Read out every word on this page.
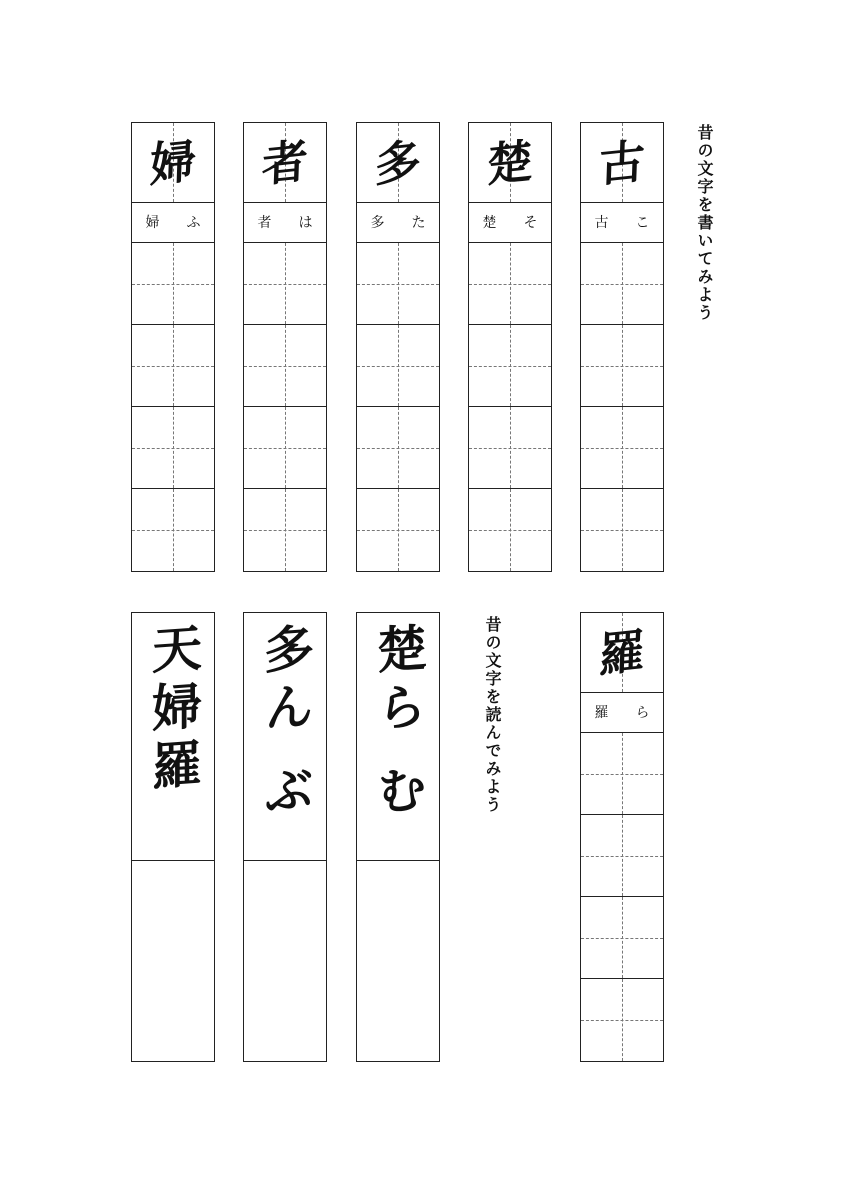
昔の文字を書いてみよう
昔の文字を読んでみよう
古
古	こ
楚
楚	そ
多
多	た
者
者	は
婦
婦	ふ
羅
羅	ら
楚ら む
多ん ぶ
天婦羅
